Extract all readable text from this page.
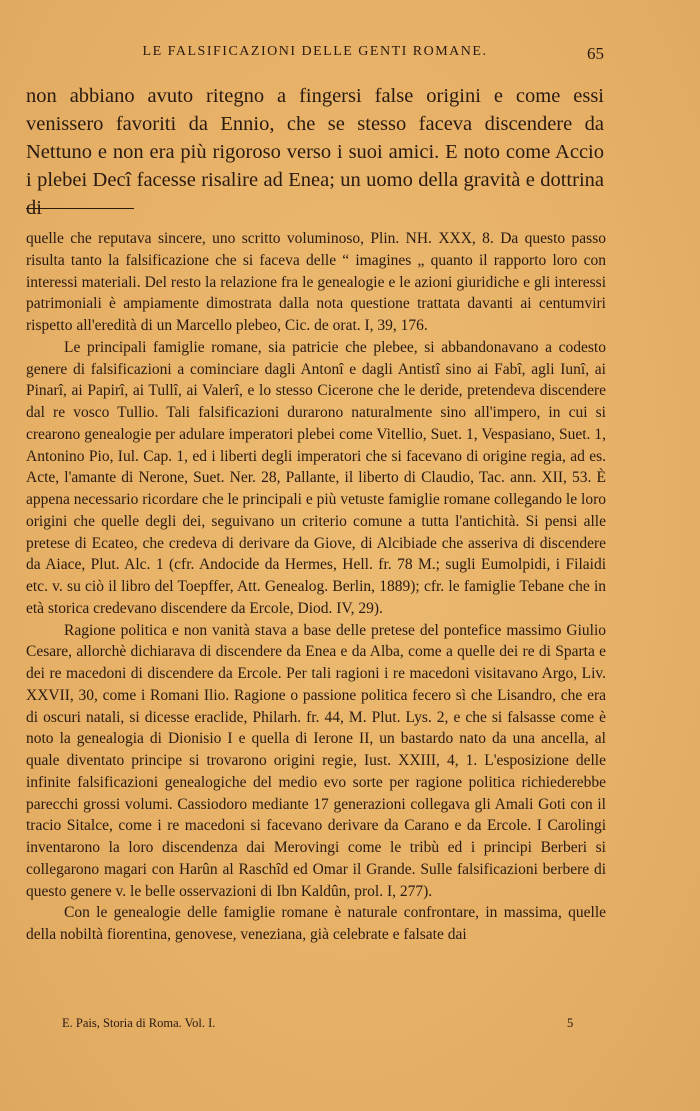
LE FALSIFICAZIONI DELLE GENTI ROMANE.	65

non abbiano avuto ritegno a fingersi false origini e come essi venissero favoriti da Ennio, che se stesso faceva discendere da Nettuno e non era più rigoroso verso i suoi amici. E noto come Accio i plebei Decî facesse risalire ad Enea; un uomo della gravità e dottrina di

quelle che reputava sincere, uno scritto voluminoso, Plin. NH. XXX, 8. Da questo passo risulta tanto la falsificazione che si faceva delle “ imagines „ quanto il rapporto loro con interessi materiali. Del resto la relazione fra le genealogie e le azioni giuridiche e gli interessi patrimoniali è ampiamente dimostrata dalla nota questione trattata davanti ai centumviri rispetto all'eredità di un Marcello plebeo, Cic. de orat. I, 39, 176.

Le principali famiglie romane, sia patricie che plebee, si abbandonavano a codesto genere di falsificazioni a cominciare dagli Antonî e dagli Antistî sino ai Fabî, agli Iunî, ai Pinarî, ai Papirî, ai Tullî, ai Valerî, e lo stesso Cicerone che le deride, pretendeva discendere dal re vosco Tullio. Tali falsificazioni durarono naturalmente sino all'impero, in cui si crearono genealogie per adulare imperatori plebei come Vitellio, Suet. 1, Vespasiano, Suet. 1, Antonino Pio, Iul. Cap. 1, ed i liberti degli imperatori che si facevano di origine regia, ad es. Acte, l'amante di Nerone, Suet. Ner. 28, Pallante, il liberto di Claudio, Tac. ann. XII, 53. È appena necessario ricordare che le principali e più vetuste famiglie romane collegando le loro origini che quelle degli dei, seguivano un criterio comune a tutta l'antichità. Si pensi alle pretese di Ecateo, che credeva di derivare da Giove, di Alcibiade che asseriva di discendere da Aiace, Plut. Alc. 1 (cfr. Andocide da Hermes, Hell. fr. 78 M.; sugli Eumolpidi, i Filaidi etc. v. su ciò il libro del Toepffer, Att. Genealog. Berlin, 1889); cfr. le famiglie Tebane che in età storica credevano discendere da Ercole, Diod. IV, 29).

Ragione politica e non vanità stava a base delle pretese del pontefice massimo Giulio Cesare, allorchè dichiarava di discendere da Enea e da Alba, come a quelle dei re di Sparta e dei re macedoni di discendere da Ercole. Per tali ragioni i re macedoni visitavano Argo, Liv. XXVII, 30, come i Romani Ilio. Ragione o passione politica fecero sì che Lisandro, che era di oscuri natali, si dicesse eraclide, Philarh. fr. 44, M. Plut. Lys. 2, e che si falsasse come è noto la genealogia di Dionisio I e quella di Ierone II, un bastardo nato da una ancella, al quale diventato principe si trovarono origini regie, Iust. XXIII, 4, 1. L'esposizione delle infinite falsificazioni genealogiche del medio evo sorte per ragione politica richiederebbe parecchi grossi volumi. Cassiodoro mediante 17 generazioni collegava gli Amali Goti con il tracio Sitalce, come i re macedoni si facevano derivare da Carano e da Ercole. I Carolingi inventarono la loro discendenza dai Merovingi come le tribù ed i principi Berberi si collegarono magari con Harûn al Raschîd ed Omar il Grande. Sulle falsificazioni berbere di questo genere v. le belle osservazioni di Ibn Kaldûn, prol. I, 277).

Con le genealogie delle famiglie romane è naturale confrontare, in massima, quelle della nobiltà fiorentina, genovese, veneziana, già celebrate e falsate dai

E. Pais, Storia di Roma. Vol. I.	5
